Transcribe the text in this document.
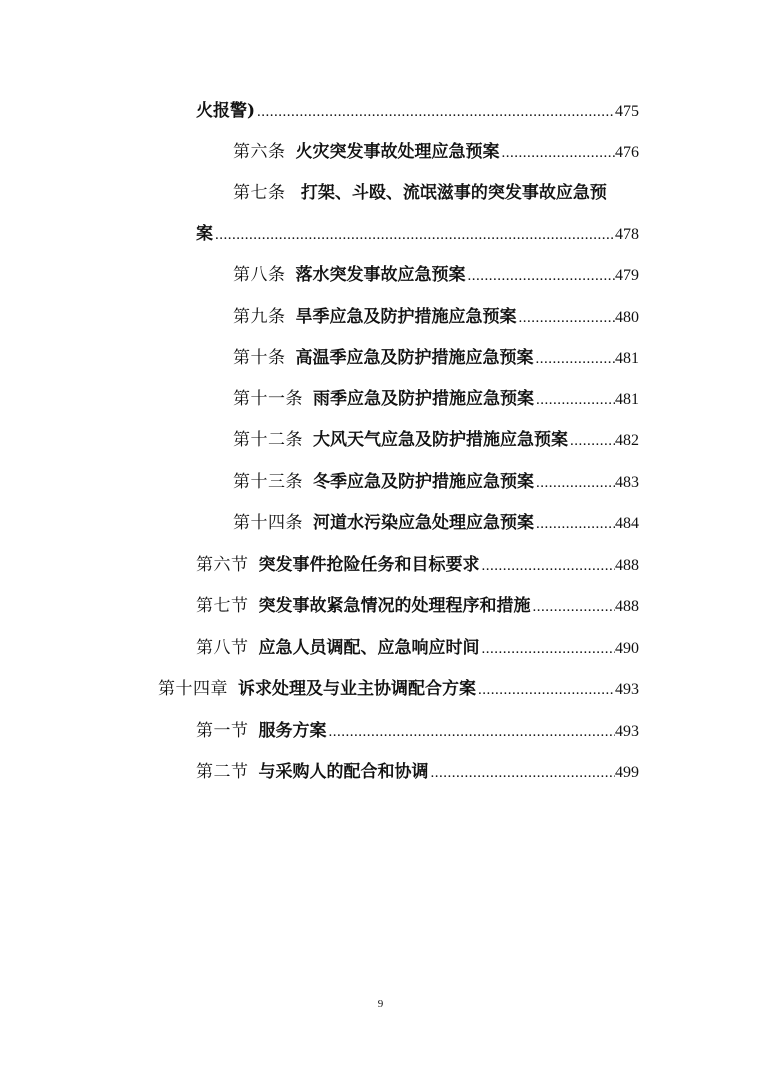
火报警) .....	475
第六条 火灾突发事故处理应急预案 .....	476
第七条 打架、斗殴、流氓滋事的突发事故应急预
案 .....	478
第八条 落水突发事故应急预案 .....	479
第九条 旱季应急及防护措施应急预案 .....	480
第十条 高温季应急及防护措施应急预案 .....	481
第十一条 雨季应急及防护措施应急预案 .....	481
第十二条 大风天气应急及防护措施应急预案 .....	482
第十三条 冬季应急及防护措施应急预案 .....	483
第十四条 河道水污染应急处理应急预案 .....	484
第六节 突发事件抢险任务和目标要求 .....	488
第七节 突发事故紧急情况的处理程序和措施 .....	488
第八节 应急人员调配、应急响应时间 .....	490
第十四章 诉求处理及与业主协调配合方案 .....	493
第一节 服务方案 .....	493
第二节 与采购人的配合和协调 .....	499
9
